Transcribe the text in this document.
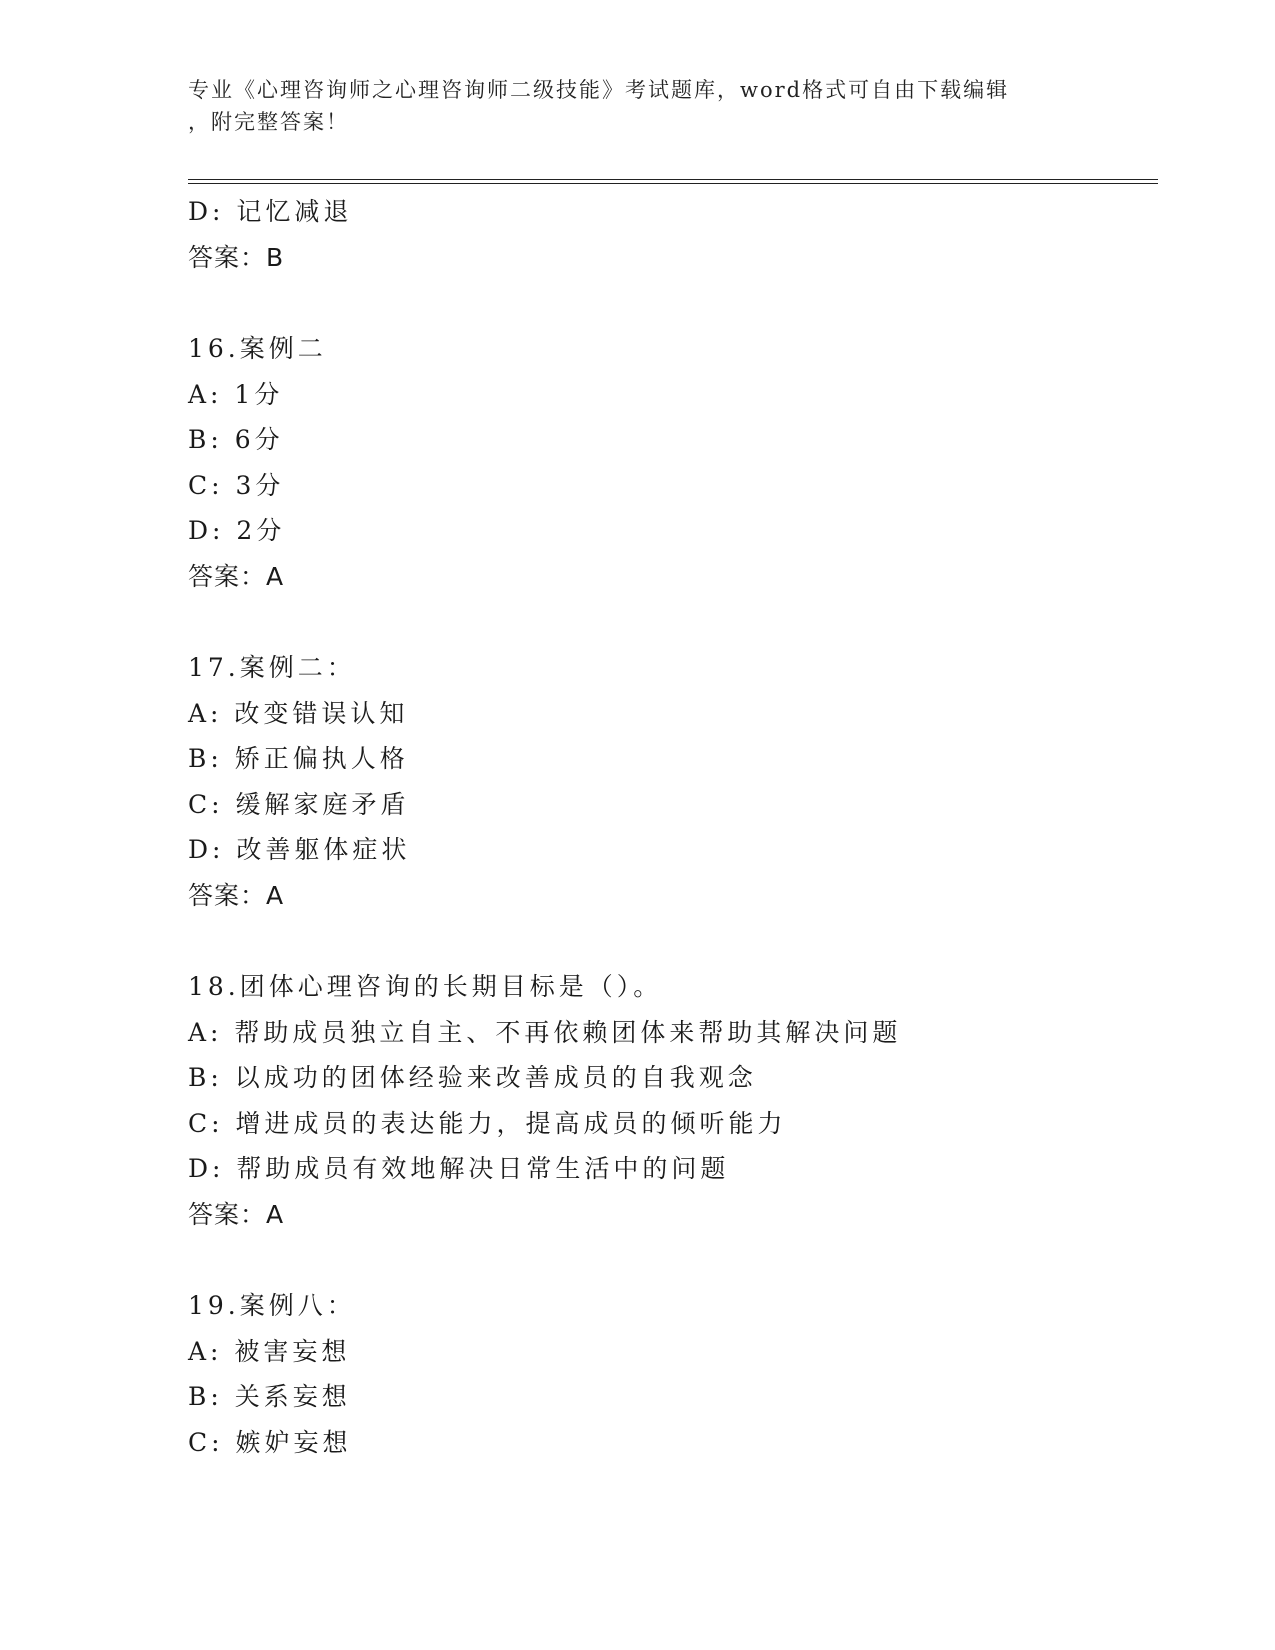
专业《心理咨询师之心理咨询师二级技能》考试题库，word格式可自由下载编辑
，附完整答案！
D: 记忆减退
答案：B
16.案例二
A: 1分
B: 6分
C: 3分
D: 2分
答案：A
17.案例二：
A: 改变错误认知
B: 矫正偏执人格
C: 缓解家庭矛盾
D: 改善躯体症状
答案：A
18.团体心理咨询的长期目标是（）。
A: 帮助成员独立自主、不再依赖团体来帮助其解决问题
B: 以成功的团体经验来改善成员的自我观念
C: 增进成员的表达能力，提高成员的倾听能力
D: 帮助成员有效地解决日常生活中的问题
答案：A
19.案例八：
A: 被害妄想
B: 关系妄想
C: 嫉妒妄想
